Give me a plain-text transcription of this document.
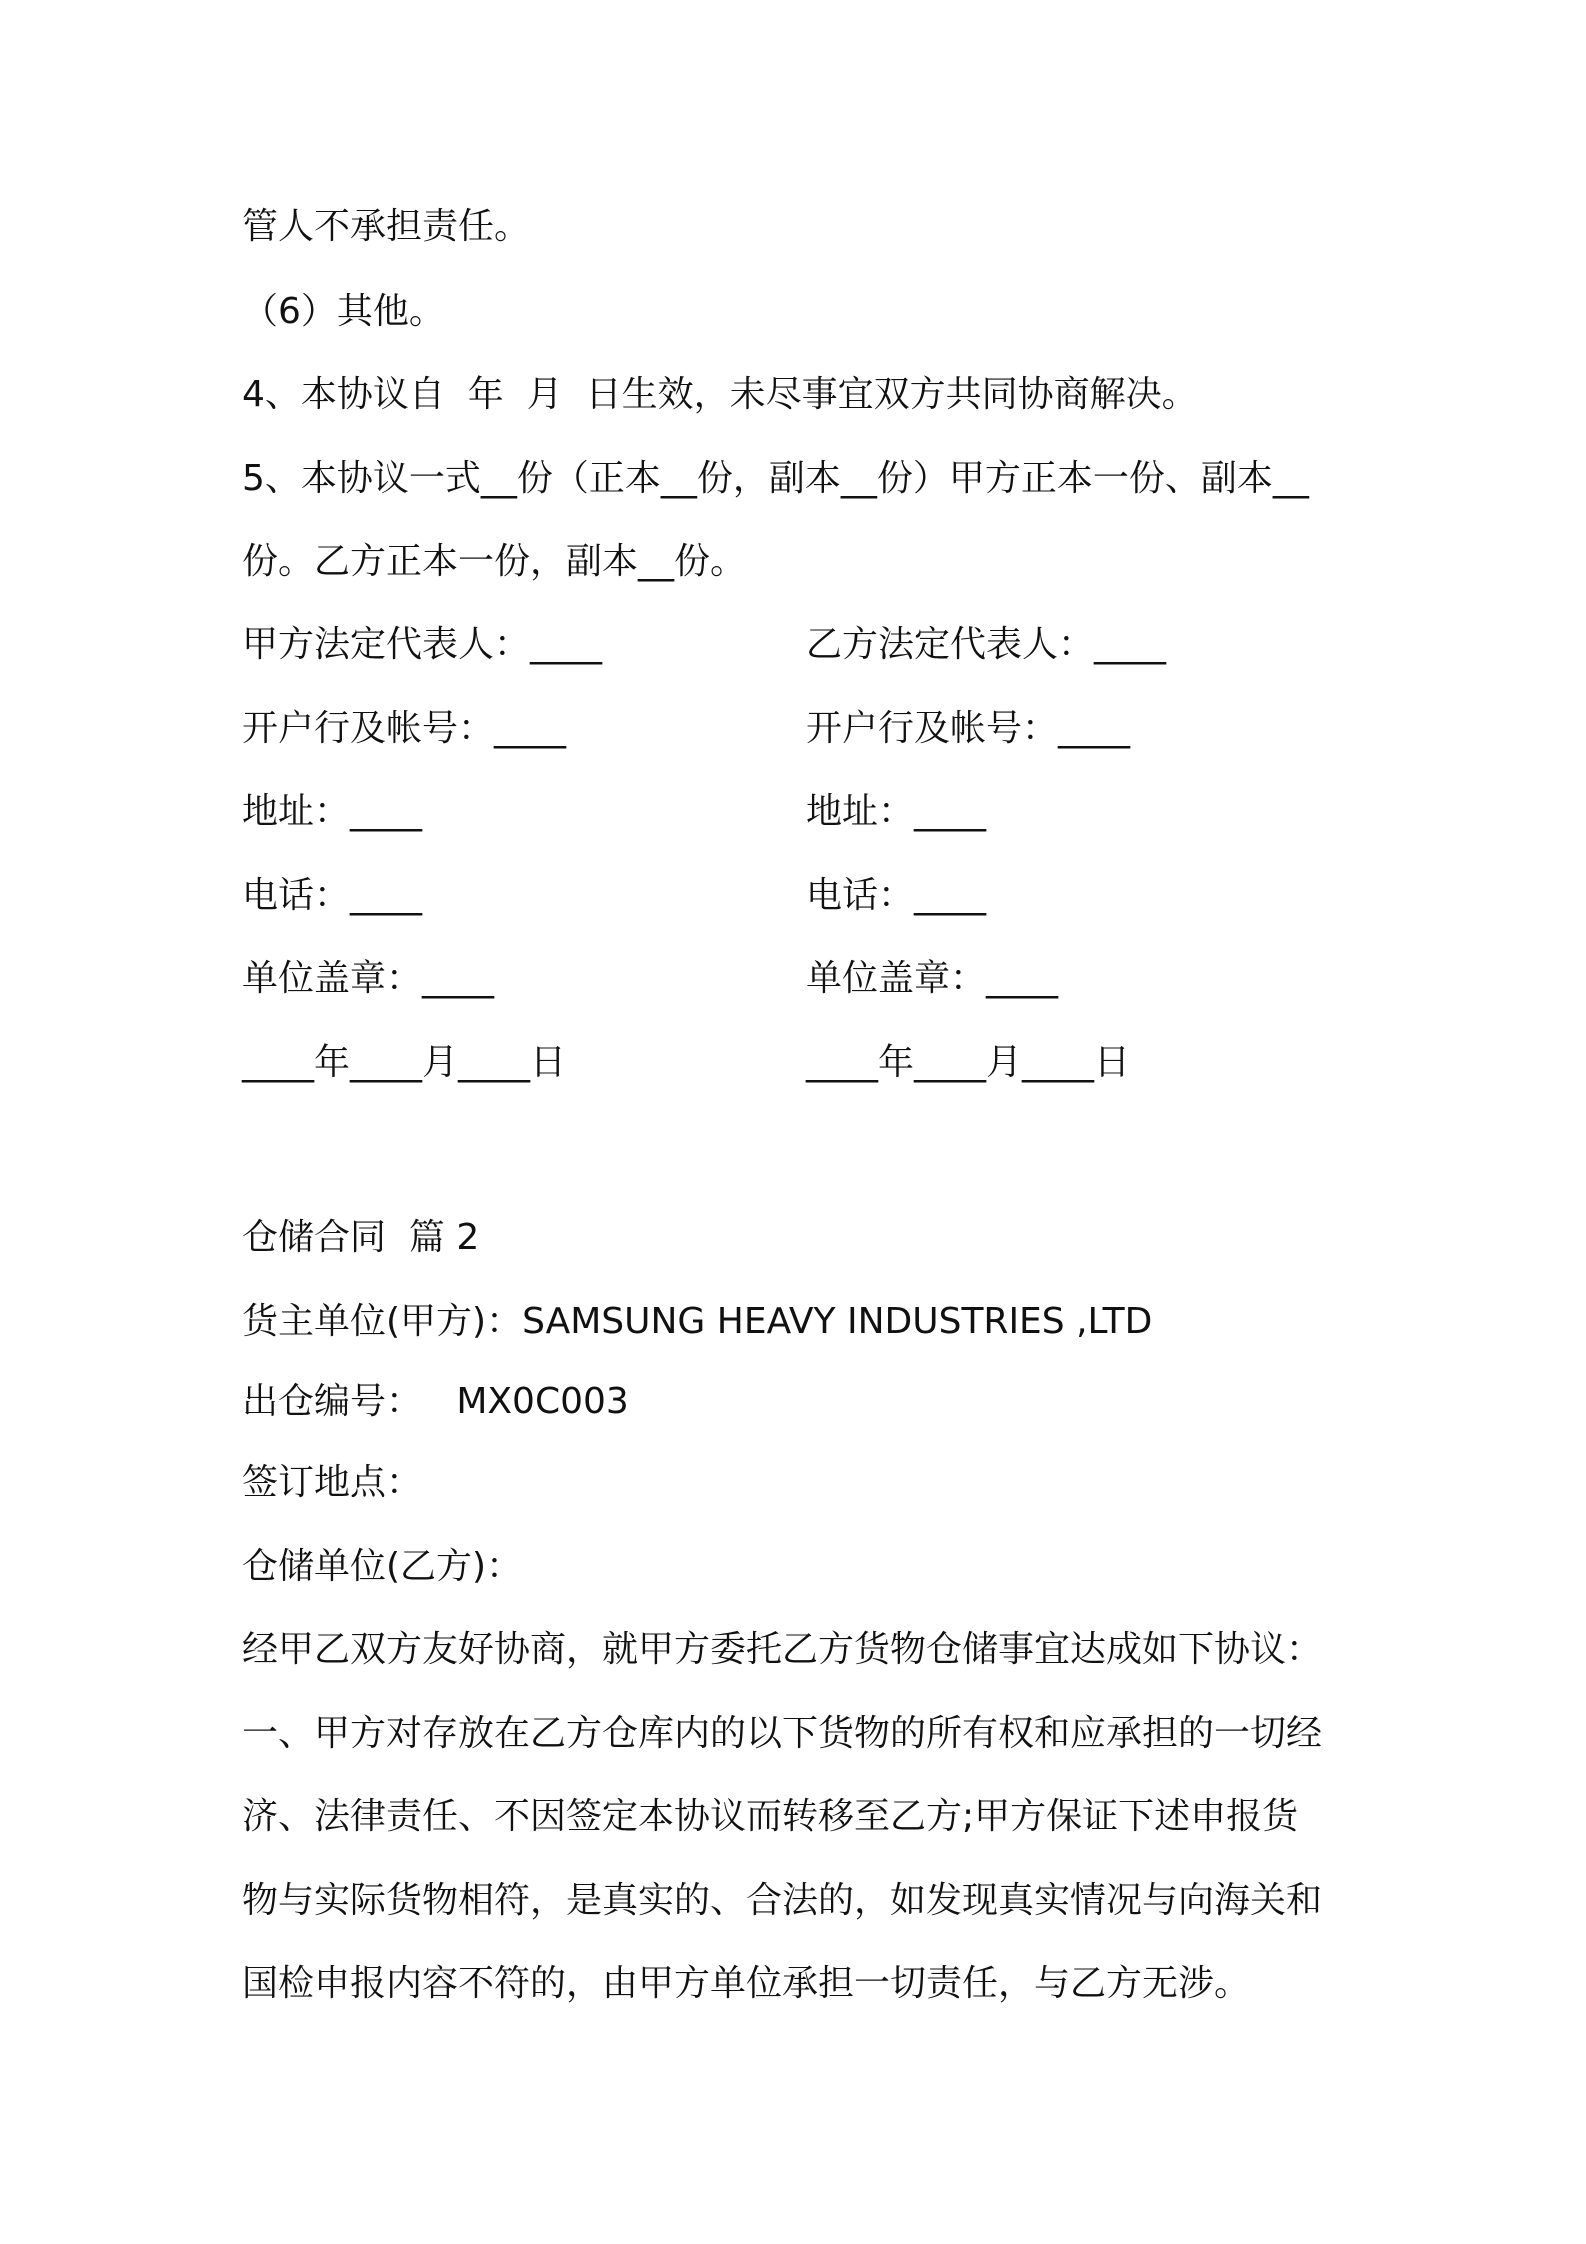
管人不承担责任。
（6）其他。
4、本协议自  年  月  日生效，未尽事宜双方共同协商解决。
5、本协议一式__份（正本__份，副本__份）甲方正本一份、副本__
份。乙方正本一份，副本__份。
甲方法定代表人：____	乙方法定代表人：____
开户行及帐号：____	开户行及帐号：____
地址：____	地址：____
电话：____	电话：____
单位盖章：____	单位盖章：____
____年____月____日	____年____月____日
仓储合同  篇 2
货主单位(甲方)：SAMSUNG HEAVY INDUSTRIES ,LTD
出仓编号：   MX0C003
签订地点：
仓储单位(乙方)：
经甲乙双方友好协商，就甲方委托乙方货物仓储事宜达成如下协议：
一、甲方对存放在乙方仓库内的以下货物的所有权和应承担的一切经
济、法律责任、不因签定本协议而转移至乙方;甲方保证下述申报货
物与实际货物相符，是真实的、合法的，如发现真实情况与向海关和
国检申报内容不符的，由甲方单位承担一切责任，与乙方无涉。
